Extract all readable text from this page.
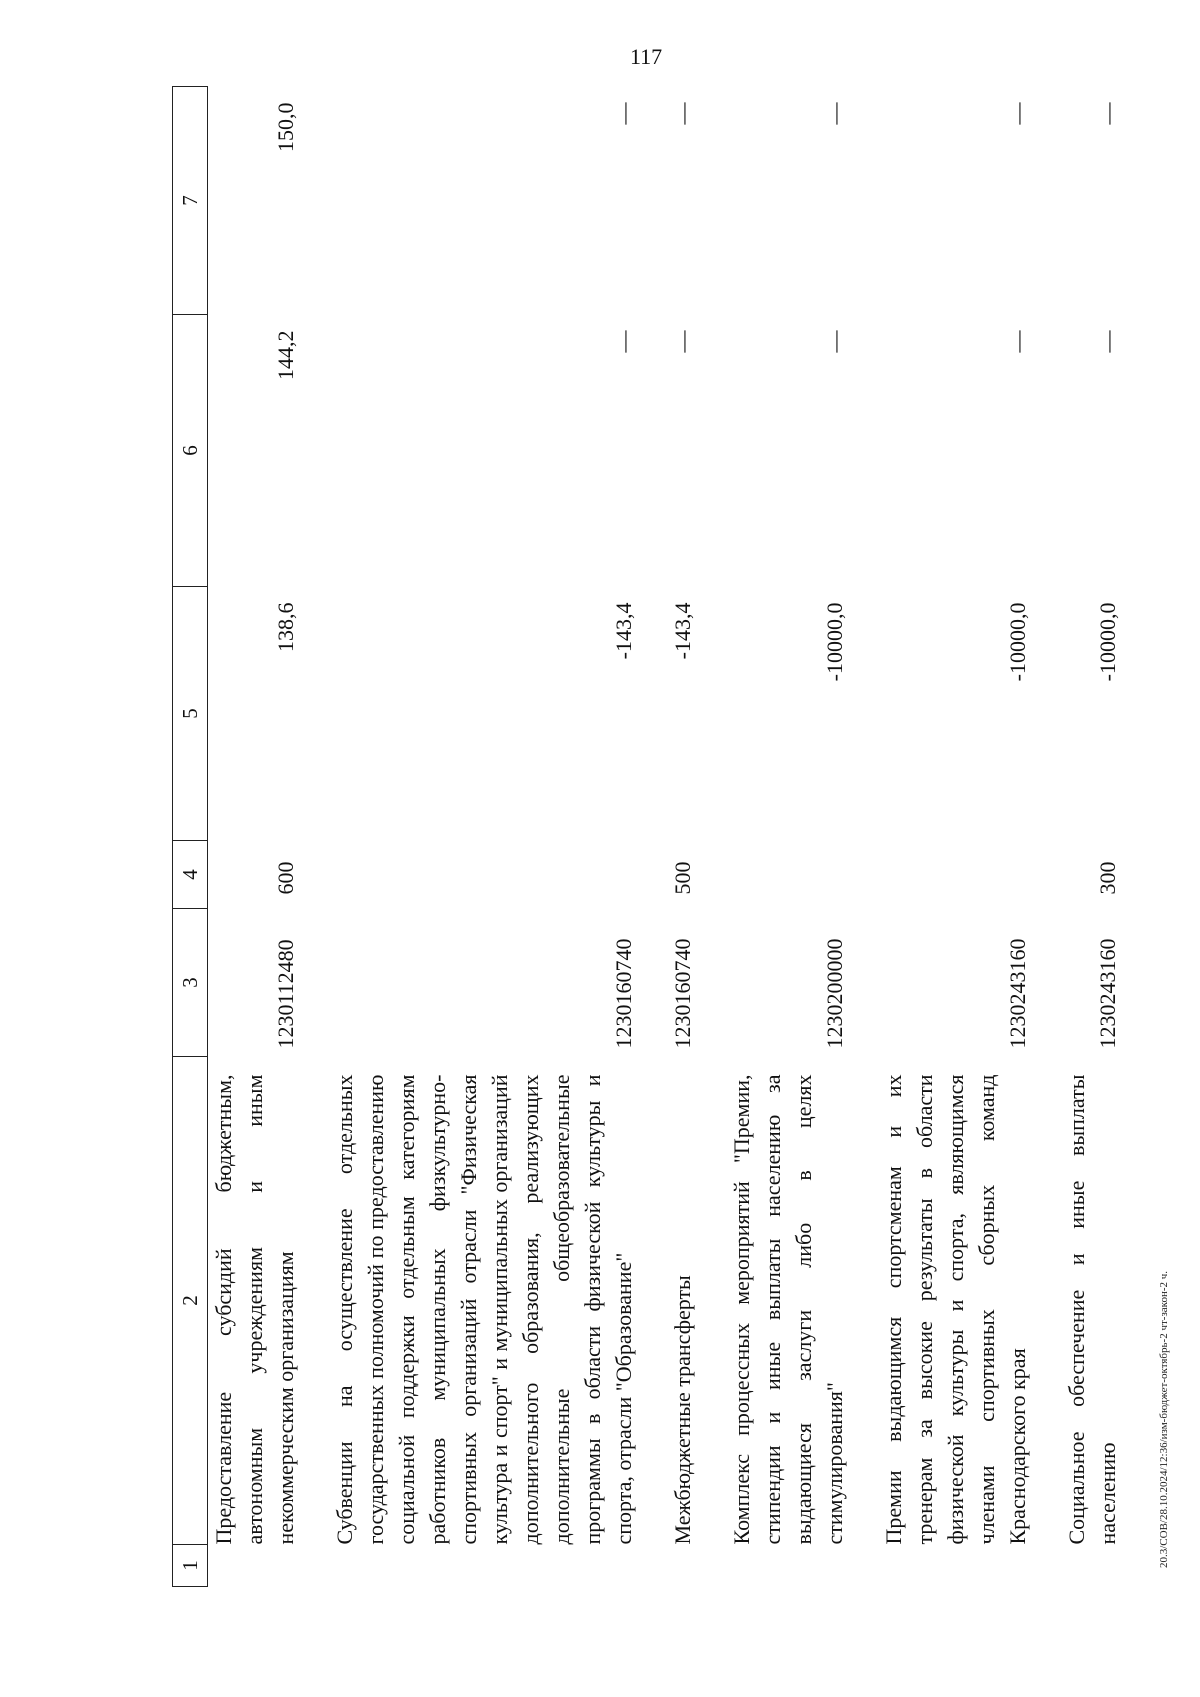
117
1	2	3	4	5	6	7
	Предоставление субсидий бюджетным, автономным учреждениям и иным некоммерческим организациям	1230112480	600	138,6	144,2	150,0

	Субвенции на осуществление отдельных государственных полномочий по предоставлению социальной поддержки отдельным категориям работников муниципальных физкультурно-спортивных организаций отрасли "Физическая культура и спорт" и муниципальных организаций дополнительного образования, реализующих дополнительные общеобразовательные программы в области физической культуры и спорта, отрасли "Образование"	1230160740		-143,4	—	—

	Межбюджетные трансферты	1230160740	500	-143,4	—	—

	Комплекс процессных мероприятий "Премии, стипендии и иные выплаты населению за выдающиеся заслуги либо в целях стимулирования"	1230200000		-10000,0	—	—

	Премии выдающимся спортсменам и их тренерам за высокие результаты в области физической культуры и спорта, являющимся членами спортивных сборных команд Краснодарского края	1230243160		-10000,0	—	—

	Социальное обеспечение и иные выплаты населению	1230243160	300	-10000,0	—	—
20.3/СОВ/28.10.2024/12:36/изм-бюджет-октябрь-2 чт-закон-2 ч.
